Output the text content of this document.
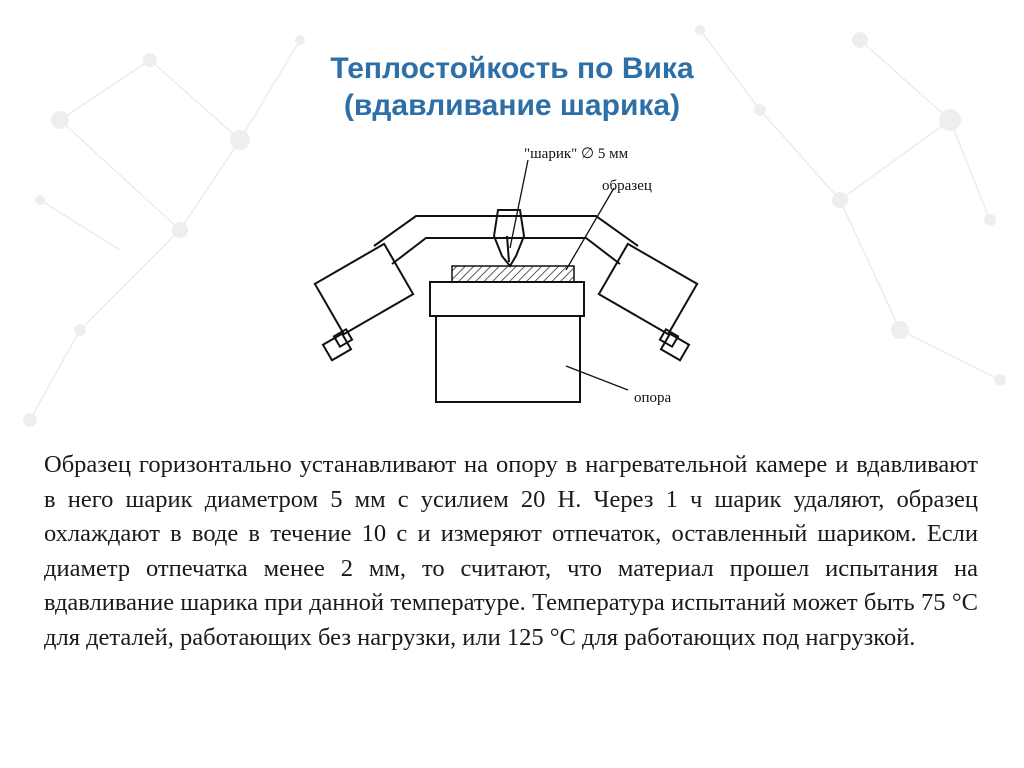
Теплостойкость по Вика
(вдавливание шарика)
"шарик" ∅ 5 мм
образец
опора

Образец горизонтально устанавливают на опору в нагревательной камере и вдавливают в него шарик диаметром 5 мм с усилием 20 Н. Через 1 ч шарик удаляют, образец охлаждают в воде в течение 10 с и измеряют отпечаток, оставленный шариком. Если диаметр отпечатка менее 2 мм, то считают, что материал прошел испытания на вдавливание шарика при данной температуре. Температура испытаний может быть 75 °С для деталей, работающих без нагрузки, или 125 °С для работающих под нагрузкой.
